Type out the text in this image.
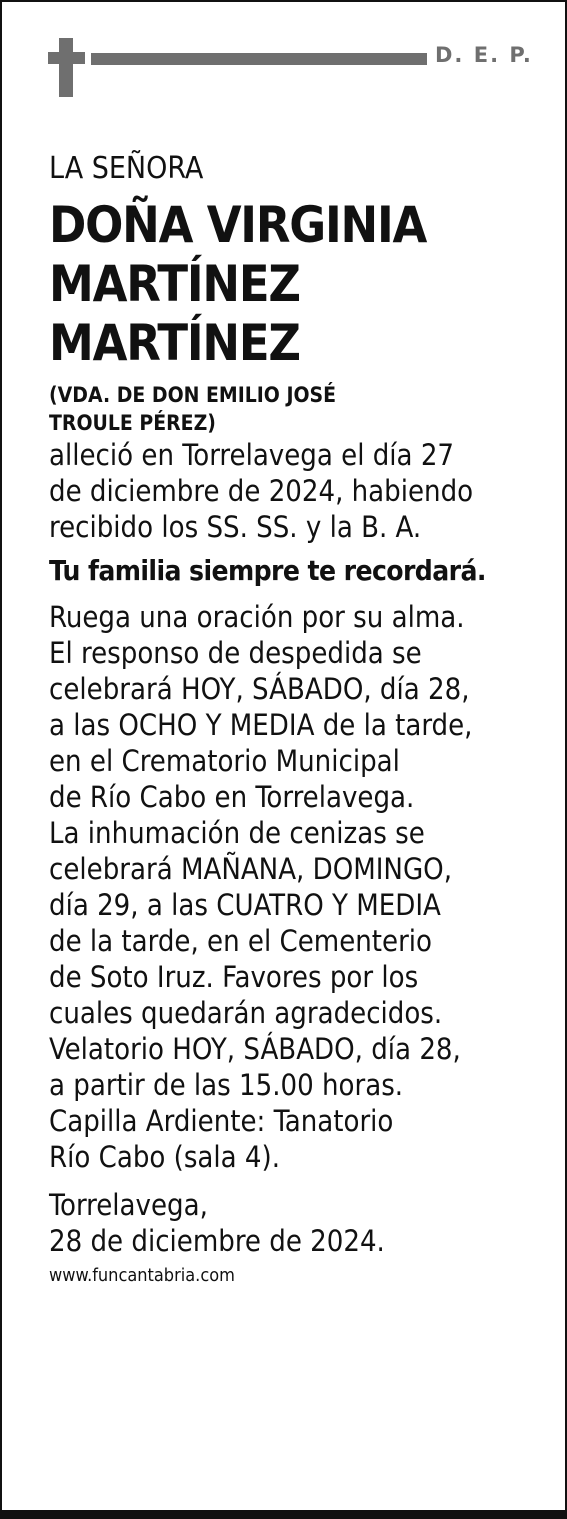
D. E. P.
LA SEÑORA
DOÑA VIRGINIA
MARTÍNEZ
MARTÍNEZ
(VDA. DE DON EMILIO JOSÉ
TROULE PÉREZ)
alleció en Torrelavega el día 27
de diciembre de 2024, habiendo
recibido los SS. SS. y la B. A.
Tu familia siempre te recordará.
Ruega una oración por su alma.
El responso de despedida se
celebrará HOY, SÁBADO, día 28,
a las OCHO Y MEDIA de la tarde,
en el Crematorio Municipal
de Río Cabo en Torrelavega.
La inhumación de cenizas se
celebrará MAÑANA, DOMINGO,
día 29, a las CUATRO Y MEDIA
de la tarde, en el Cementerio
de Soto Iruz. Favores por los
cuales quedarán agradecidos.
Velatorio HOY, SÁBADO, día 28,
a partir de las 15.00 horas.
Capilla Ardiente: Tanatorio
Río Cabo (sala 4).
Torrelavega,
28 de diciembre de 2024.
www.funcantabria.com
